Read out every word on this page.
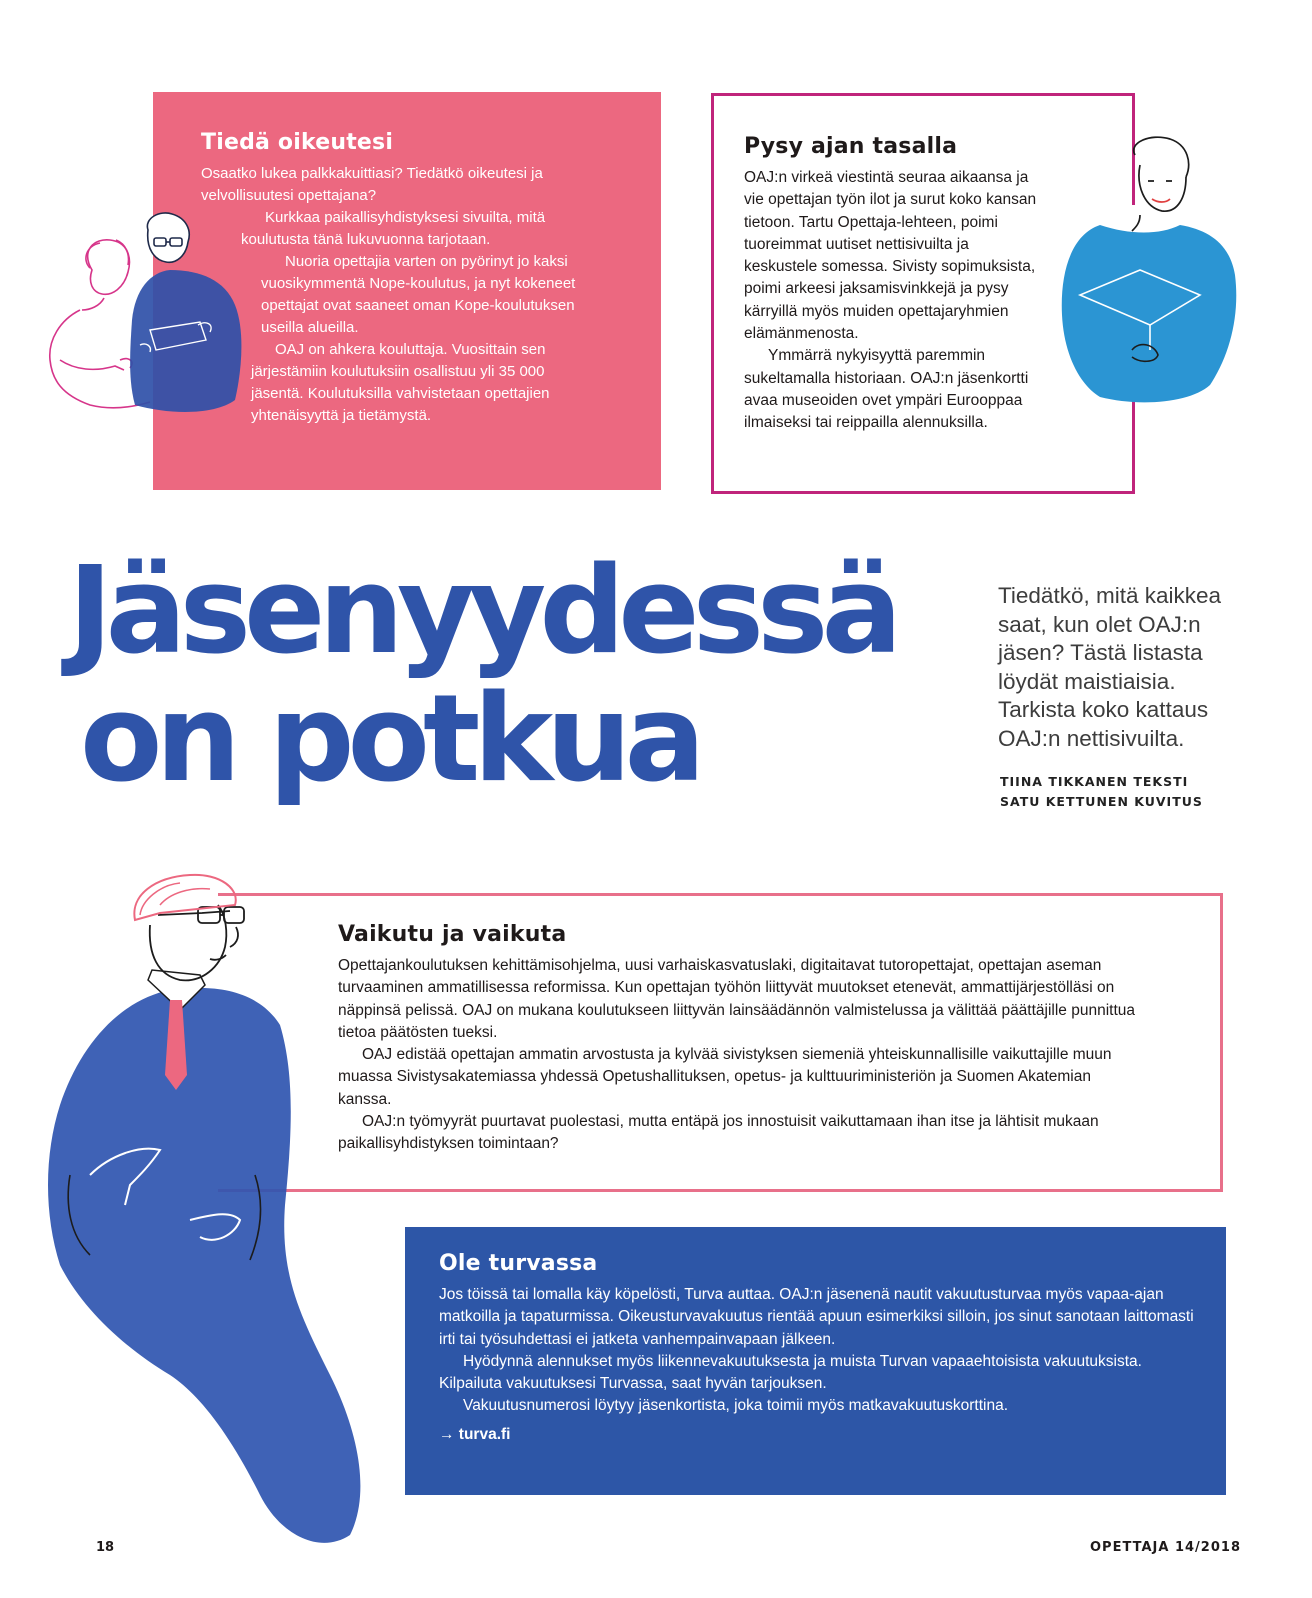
Tiedä oikeutesi

Osaatko lukea palkkakuittiasi? Tiedätkö oikeutesi ja velvollisuutesi opettajana?

Kurkkaa paikallisyhdistyksesi sivuilta, mitä koulutusta tänä lukuvuonna tarjotaan.

Nuoria opettajia varten on pyörinyt jo kaksi vuosikymmentä Nope-koulutus, ja nyt kokeneet opettajat ovat saaneet oman Kope-koulutuksen useilla alueilla.

OAJ on ahkera kouluttaja. Vuosittain sen järjestämiin koulutuksiin osallistuu yli 35 000 jäsentä. Koulutuksilla vahvistetaan opettajien yhtenäisyyttä ja tietämystä.

Pysy ajan tasalla

OAJ:n virkeä viestintä seuraa aikaansa ja vie opettajan työn ilot ja surut koko kansan tietoon. Tartu Opettaja-lehteen, poimi tuoreimmat uutiset nettisivuilta ja keskustele somessa. Sivisty sopimuksista, poimi arkeesi jaksamisvinkkejä ja pysy kärryillä myös muiden opettajaryhmien elämänmenosta.

Ymmärrä nykyisyyttä paremmin sukeltamalla historiaan. OAJ:n jäsenkortti avaa museoiden ovet ympäri Eurooppaa ilmaiseksi tai reippailla alennuksilla.

Jäsenyydessä
on potkua
Tiedätkö, mitä kaikkea saat, kun olet OAJ:n jäsen? Tästä listasta löydät maistiaisia. Tarkista koko kattaus OAJ:n nettisivuilta.
TIINA TIKKANEN TEKSTI
SATU KETTUNEN KUVITUS
Vaikutu ja vaikuta

Opettajankoulutuksen kehittämisohjelma, uusi varhaiskasvatuslaki, digitaitavat tutoropettajat, opettajan aseman turvaaminen ammatillisessa reformissa. Kun opettajan työhön liittyvät muutokset etenevät, ammattijärjestölläsi on näppinsä pelissä. OAJ on mukana koulutukseen liittyvän lainsäädännön valmistelussa ja välittää päättäjille punnittua tietoa päätösten tueksi.

OAJ edistää opettajan ammatin arvostusta ja kylvää sivistyksen siemeniä yhteiskunnallisille vaikuttajille muun muassa Sivistysakatemiassa yhdessä Opetushallituksen, opetus- ja kulttuuriministeriön ja Suomen Akatemian kanssa.

OAJ:n työmyyrät puurtavat puolestasi, mutta entäpä jos innostuisit vaikuttamaan ihan itse ja lähtisit mukaan paikallisyhdistyksen toimintaan?

Ole turvassa

Jos töissä tai lomalla käy köpelösti, Turva auttaa. OAJ:n jäsenenä nautit vakuutusturvaa myös vapaa-ajan matkoilla ja tapaturmissa. Oikeusturvavakuutus rientää apuun esimerkiksi silloin, jos sinut sanotaan laittomasti irti tai työsuhdettasi ei jatketa vanhempainvapaan jälkeen.

Hyödynnä alennukset myös liikennevakuutuksesta ja muista Turvan vapaaehtoisista vakuutuksista. Kilpailuta vakuutuksesi Turvassa, saat hyvän tarjouksen.

Vakuutusnumerosi löytyy jäsenkortista, joka toimii myös matkavakuutuskorttina.

→ turva.fi
18	OPETTAJA 14/2018
